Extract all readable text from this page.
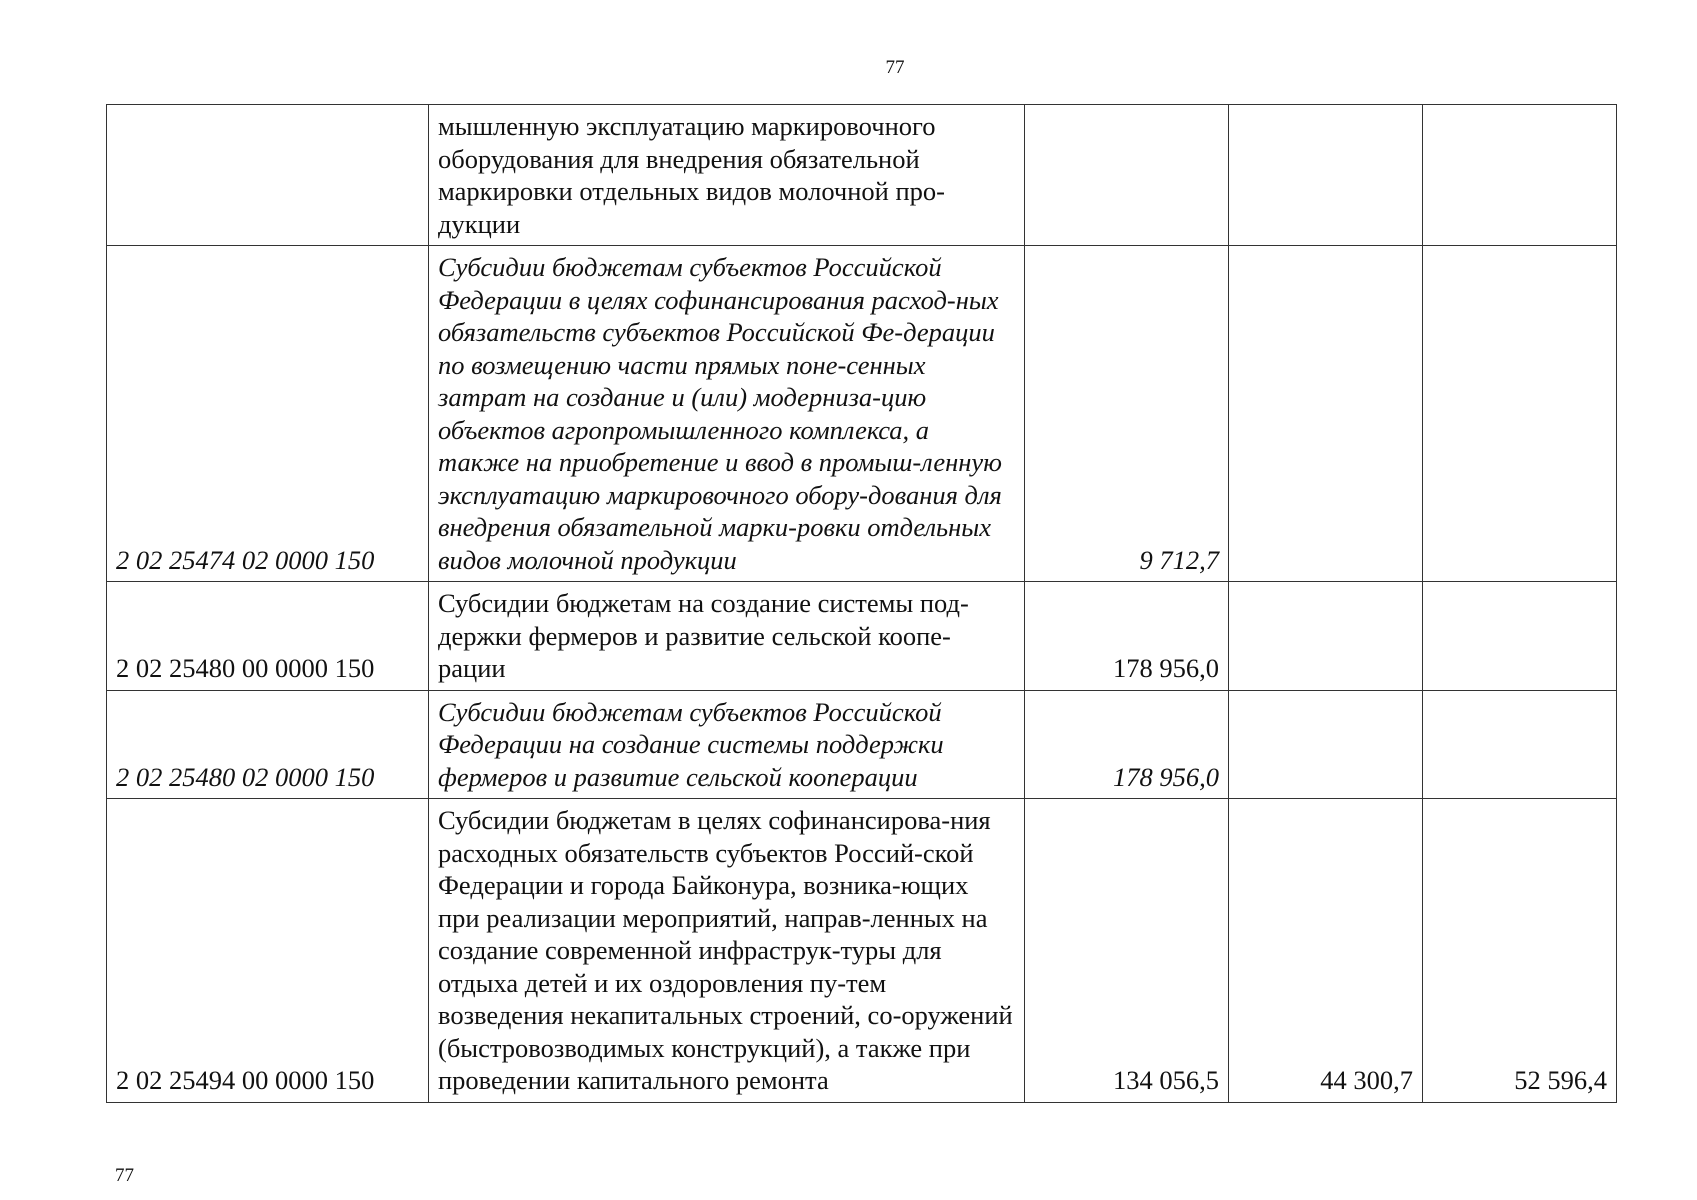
77

	мышленную эксплуатацию маркировочного оборудования для внедрения обязательной маркировки отдельных видов молочной про-дукции			

2 02 25474 02 0000 150	Субсидии бюджетам субъектов Российской Федерации в целях софинансирования расход-ных обязательств субъектов Российской Фе-дерации по возмещению части прямых поне-сенных затрат на создание и (или) модерниза-цию объектов агропромышленного комплекса, а также на приобретение и ввод в промыш-ленную эксплуатацию маркировочного обору-дования для внедрения обязательной марки-ровки отдельных видов молочной продукции	9 712,7		
2 02 25480 00 0000 150	Субсидии бюджетам на создание системы под-держки фермеров и развитие сельской коопе-рации	178 956,0		
2 02 25480 02 0000 150	Субсидии бюджетам субъектов Российской Федерации на создание системы поддержки фермеров и развитие сельской кооперации	178 956,0		
2 02 25494 00 0000 150	Субсидии бюджетам в целях софинансирова-ния расходных обязательств субъектов Россий-ской Федерации и города Байконура, возника-ющих при реализации мероприятий, направ-ленных на создание современной инфраструк-туры для отдыха детей и их оздоровления пу-тем возведения некапитальных строений, со-оружений (быстровозводимых конструкций), а также при проведении капитального ремонта	134 056,5	44 300,7	52 596,4
77
